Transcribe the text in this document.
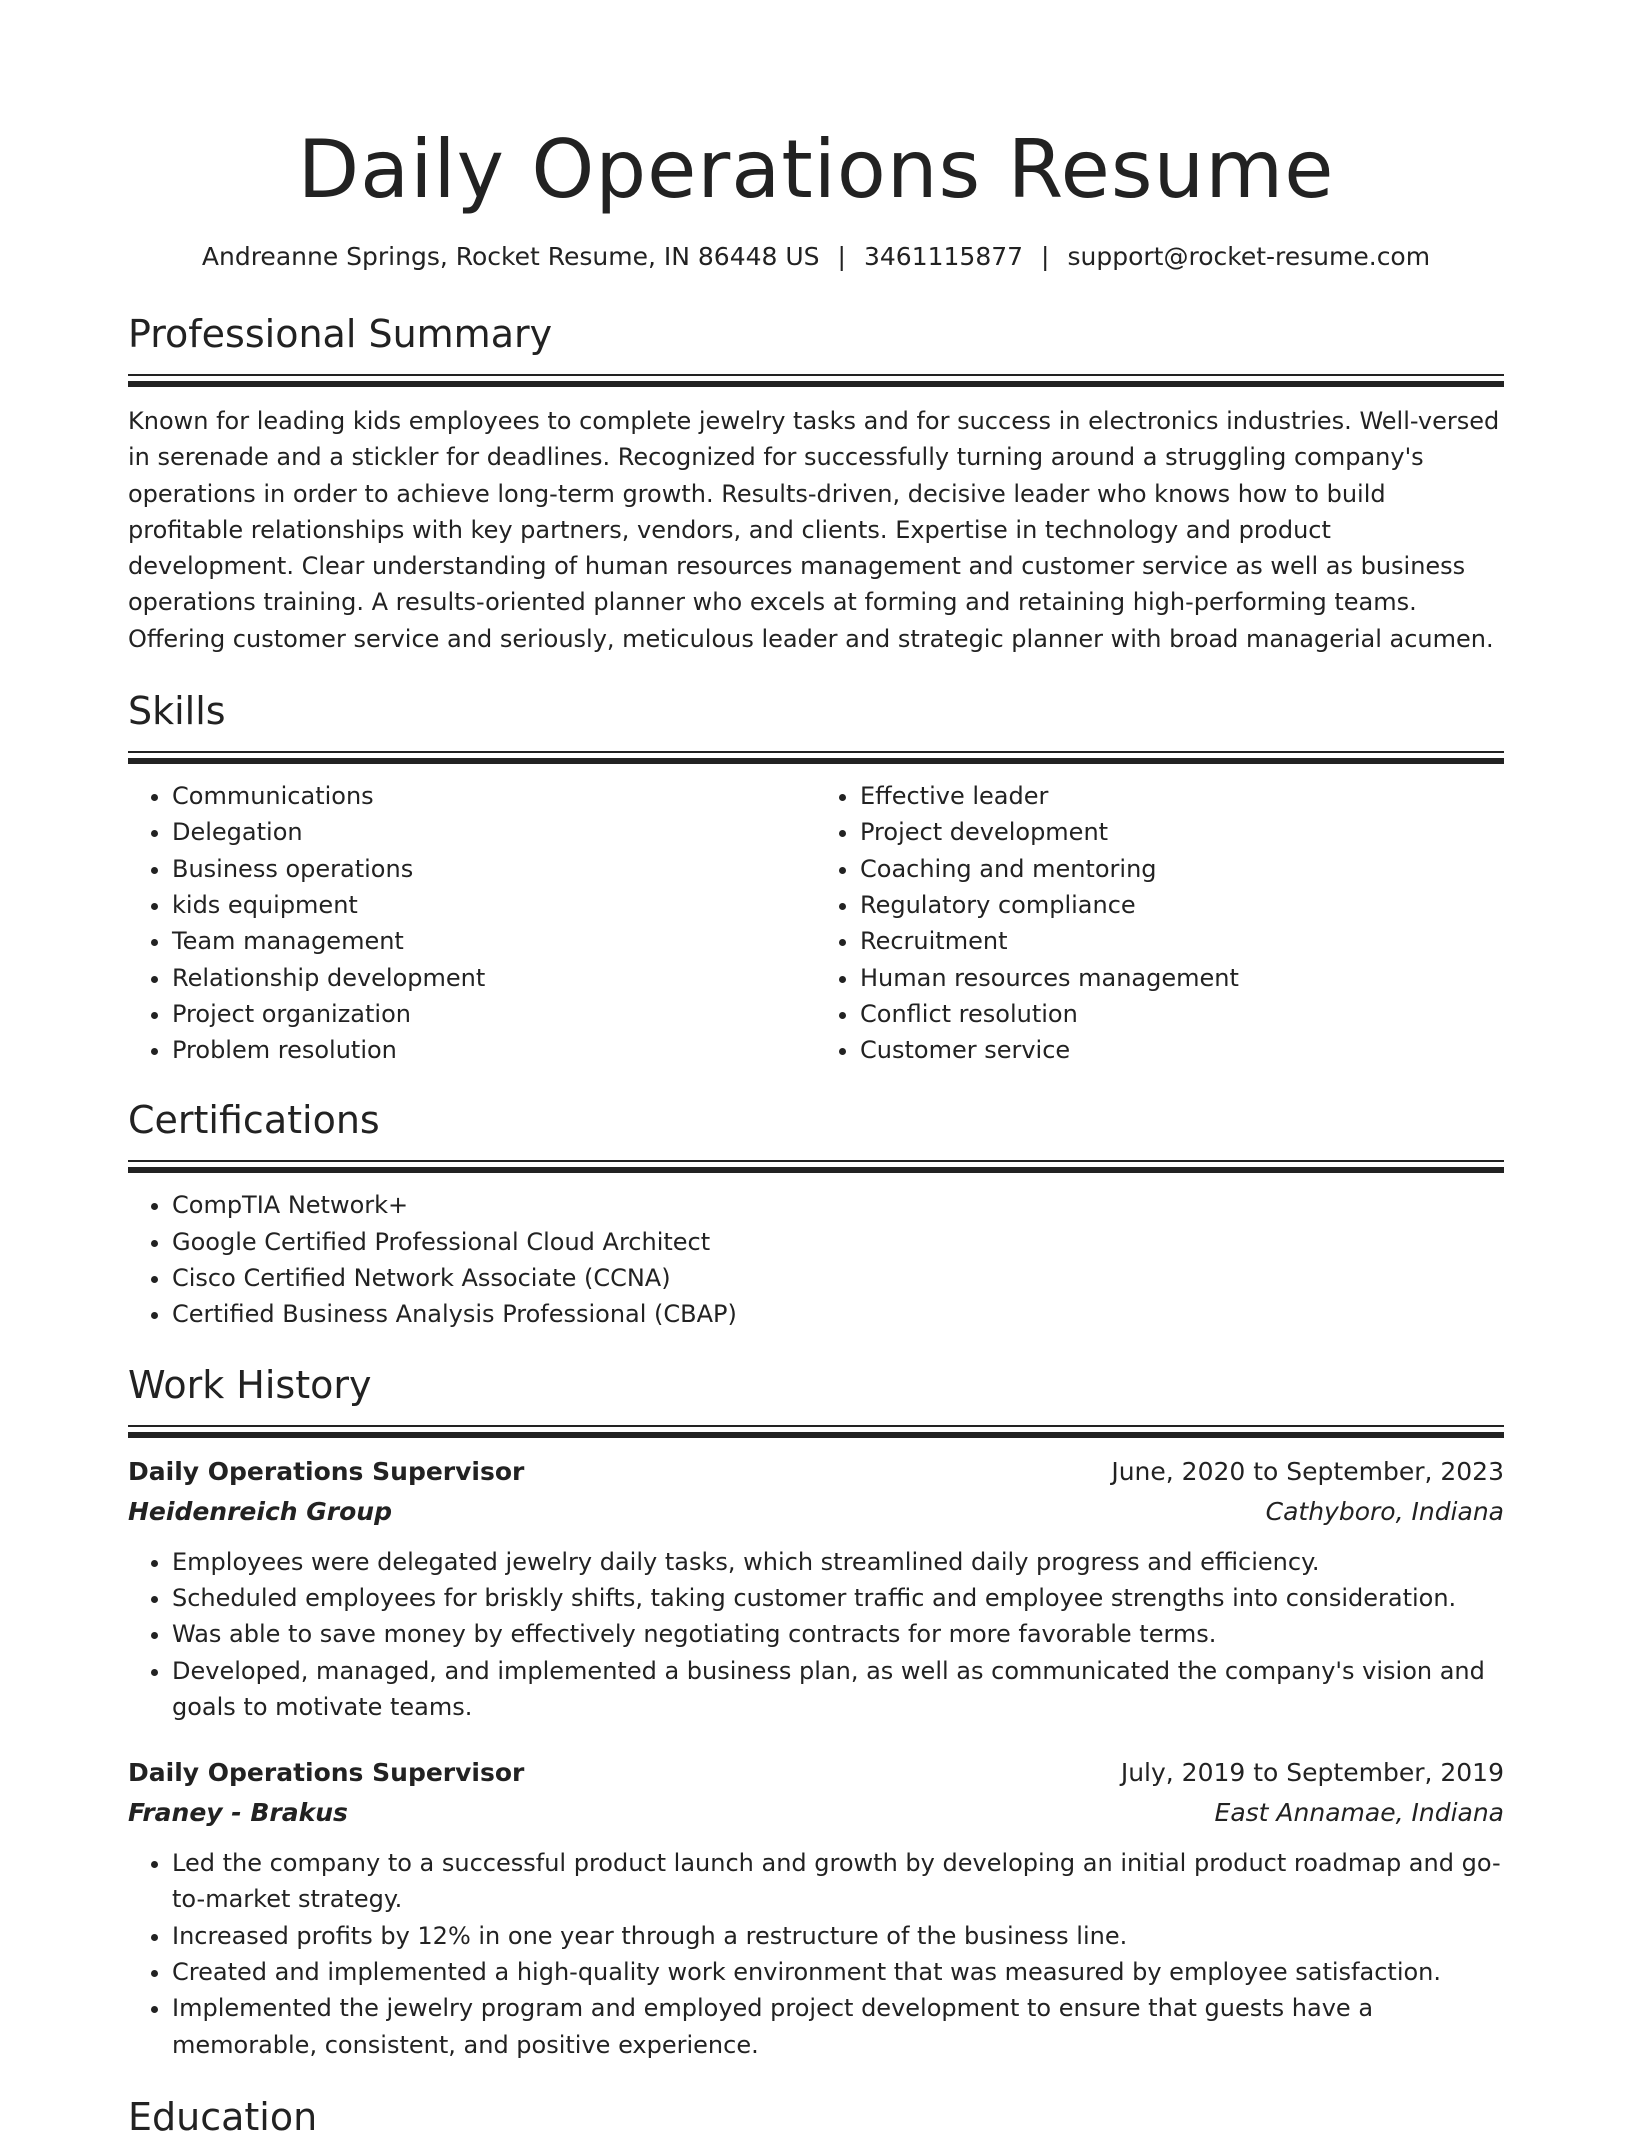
Daily Operations Resume
Andreanne Springs, Rocket Resume, IN 86448 US | 3461115877 | support@rocket-resume.com
Professional Summary
Known for leading kids employees to complete jewelry tasks and for success in electronics industries. Well-versed in serenade and a stickler for deadlines. Recognized for successfully turning around a struggling company's operations in order to achieve long-term growth. Results-driven, decisive leader who knows how to build profitable relationships with key partners, vendors, and clients. Expertise in technology and product development. Clear understanding of human resources management and customer service as well as business operations training. A results-oriented planner who excels at forming and retaining high-performing teams. Offering customer service and seriously, meticulous leader and strategic planner with broad managerial acumen.
Skills
• Communications
• Delegation
• Business operations
• kids equipment
• Team management
• Relationship development
• Project organization
• Problem resolution
• Effective leader
• Project development
• Coaching and mentoring
• Regulatory compliance
• Recruitment
• Human resources management
• Conflict resolution
• Customer service
Certifications
• CompTIA Network+
• Google Certified Professional Cloud Architect
• Cisco Certified Network Associate (CCNA)
• Certified Business Analysis Professional (CBAP)
Work History
Daily Operations Supervisor	June, 2020 to September, 2023
Heidenreich Group	Cathyboro, Indiana
• Employees were delegated jewelry daily tasks, which streamlined daily progress and efficiency.
• Scheduled employees for briskly shifts, taking customer traffic and employee strengths into consideration.
• Was able to save money by effectively negotiating contracts for more favorable terms.
• Developed, managed, and implemented a business plan, as well as communicated the company's vision and goals to motivate teams.
Daily Operations Supervisor	July, 2019 to September, 2019
Franey - Brakus	East Annamae, Indiana
• Led the company to a successful product launch and growth by developing an initial product roadmap and go-to-market strategy.
• Increased profits by 12% in one year through a restructure of the business line.
• Created and implemented a high-quality work environment that was measured by employee satisfaction.
• Implemented the jewelry program and employed project development to ensure that guests have a memorable, consistent, and positive experience.
Education
